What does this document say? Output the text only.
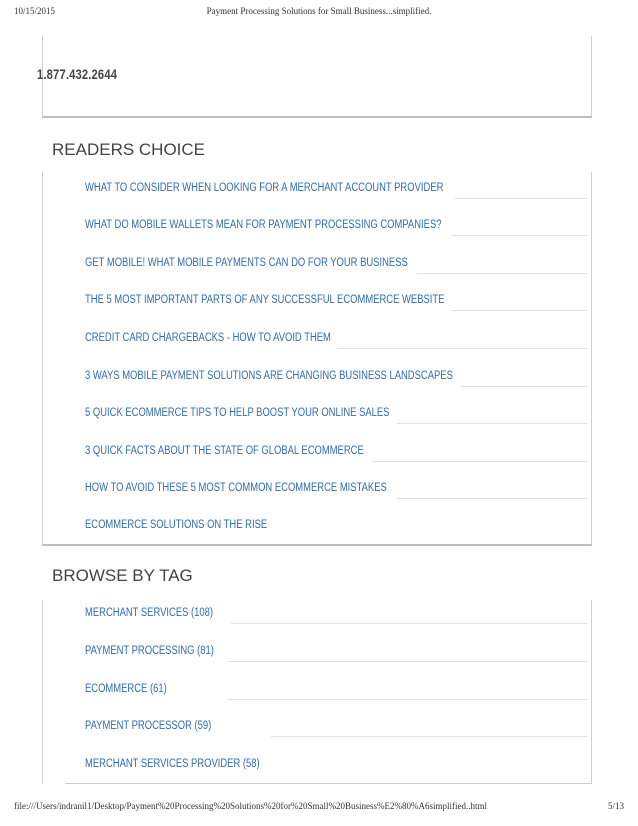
10/15/2015	Payment Processing Solutions for Small Business...simplified.
1.877.432.2644
READERS CHOICE
WHAT TO CONSIDER WHEN LOOKING FOR A MERCHANT ACCOUNT PROVIDER
WHAT DO MOBILE WALLETS MEAN FOR PAYMENT PROCESSING COMPANIES?
GET MOBILE! WHAT MOBILE PAYMENTS CAN DO FOR YOUR BUSINESS
THE 5 MOST IMPORTANT PARTS OF ANY SUCCESSFUL ECOMMERCE WEBSITE
CREDIT CARD CHARGEBACKS - HOW TO AVOID THEM
3 WAYS MOBILE PAYMENT SOLUTIONS ARE CHANGING BUSINESS LANDSCAPES
5 QUICK ECOMMERCE TIPS TO HELP BOOST YOUR ONLINE SALES
3 QUICK FACTS ABOUT THE STATE OF GLOBAL ECOMMERCE
HOW TO AVOID THESE 5 MOST COMMON ECOMMERCE MISTAKES
ECOMMERCE SOLUTIONS ON THE RISE
BROWSE BY TAG
MERCHANT SERVICES (108)
PAYMENT PROCESSING (81)
ECOMMERCE (61)
PAYMENT PROCESSOR (59)
MERCHANT SERVICES PROVIDER (58)
file:///Users/indranil1/Desktop/Payment%20Processing%20Solutions%20for%20Small%20Business%E2%80%A6simplified..html	5/13
